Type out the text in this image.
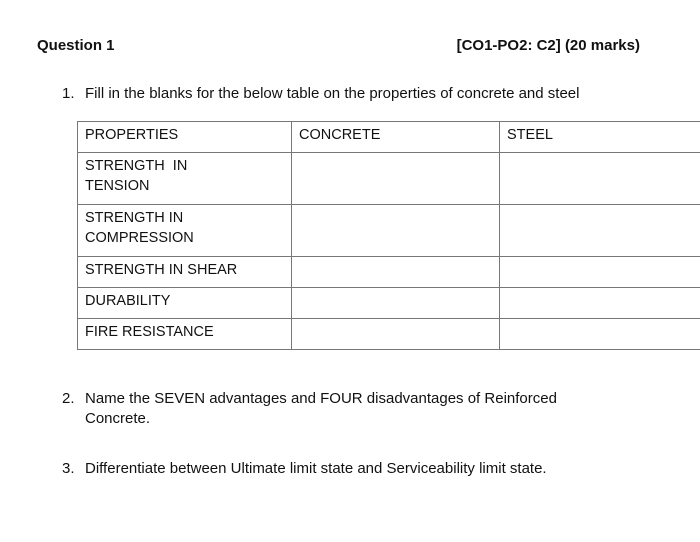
Question 1	[CO1-PO2: C2] (20 marks)
1. Fill in the blanks for the below table on the properties of concrete and steel
PROPERTIES	CONCRETE	STEEL

STRENGTH  IN
TENSION		

STRENGTH IN
COMPRESSION		

STRENGTH IN SHEAR		

DURABILITY		

FIRE RESISTANCE		

2. Name the SEVEN advantages and FOUR disadvantages of Reinforced
Concrete.
3. Differentiate between Ultimate limit state and Serviceability limit state.
